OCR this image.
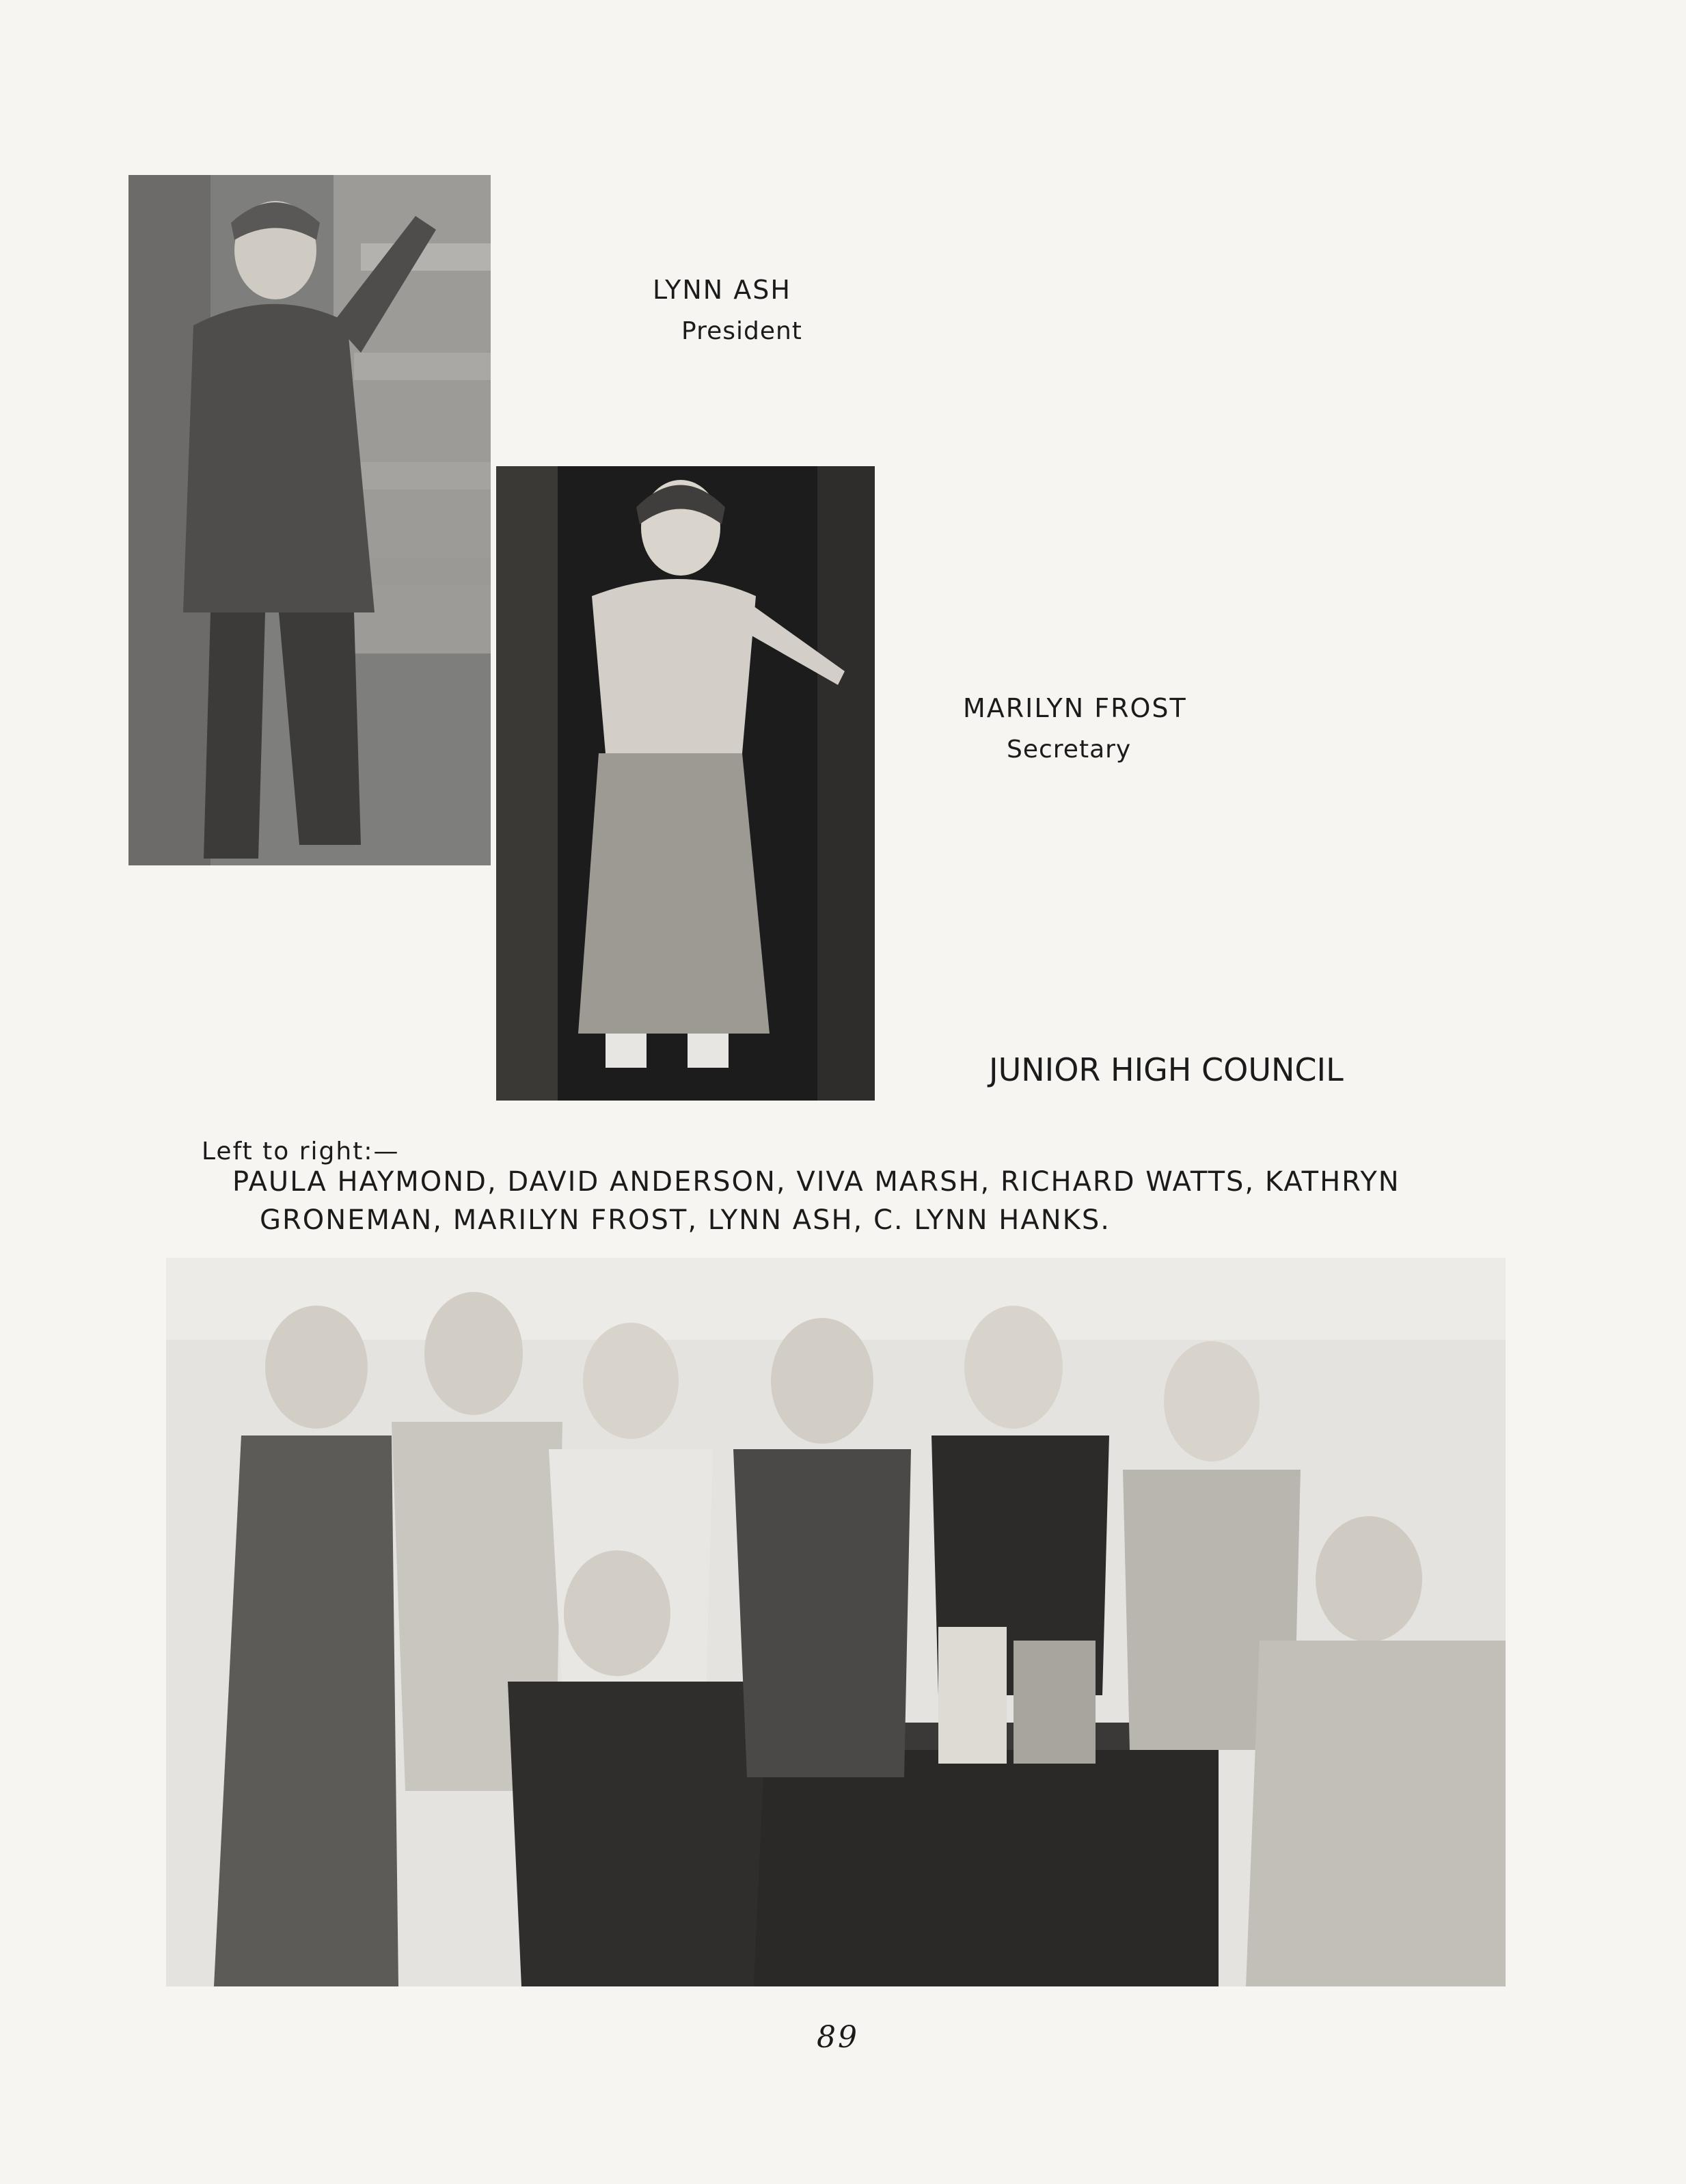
LYNN ASH
President
MARILYN FROST
Secretary
JUNIOR HIGH COUNCIL
Left to right:—
PAULA HAYMOND, DAVID ANDERSON, VIVA MARSH, RICHARD WATTS, KATHRYN
GRONEMAN, MARILYN FROST, LYNN ASH, C. LYNN HANKS.
89
